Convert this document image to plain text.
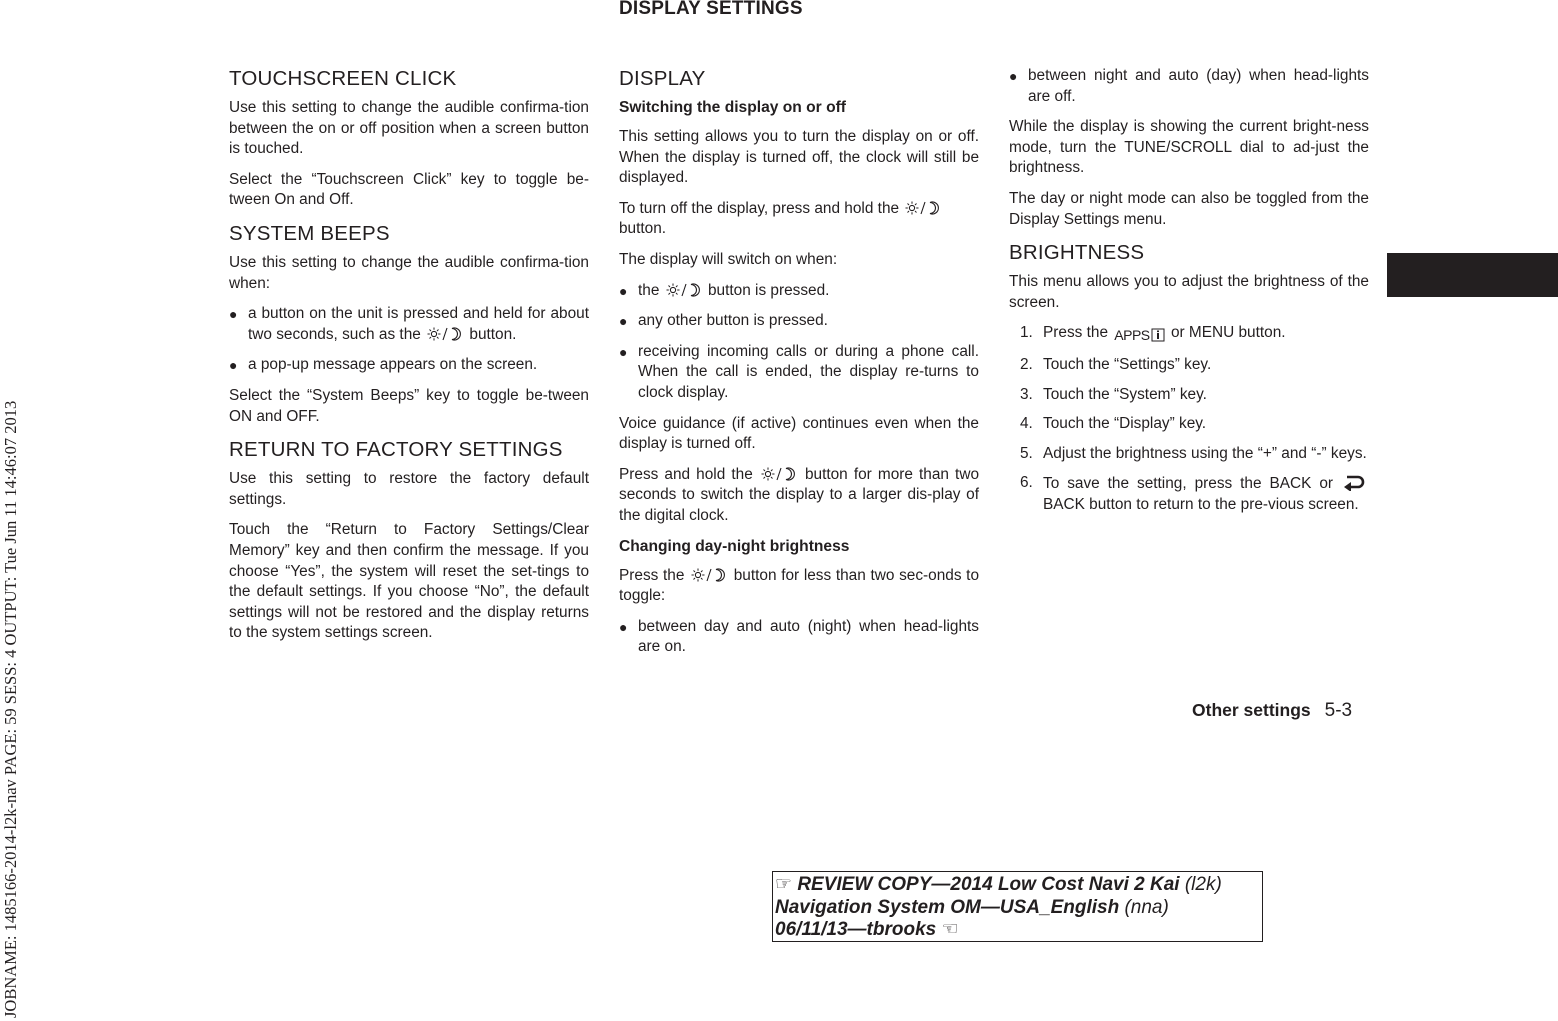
DISPLAY SETTINGS
JOBNAME: 1485166-2014-l2k-nav PAGE: 59 SESS: 4 OUTPUT: Tue Jun 11 14:46:07 2013
TOUCHSCREEN CLICK

Use this setting to change the audible confirma-tion between the on or off position when a screen button is touched.

Select the “Touchscreen Click” key to toggle be-tween On and Off.

SYSTEM BEEPS

Use this setting to change the audible confirma-tion when:

● a button on the unit is pressed and held for about two seconds, such as the	button.
● a pop-up message appears on the screen.

Select the “System Beeps” key to toggle be-tween ON and OFF.

RETURN TO FACTORY SETTINGS

Use this setting to restore the factory default settings.

Touch the “Return to Factory Settings/Clear Memory” key and then confirm the message. If you choose “Yes”, the system will reset the set-tings to the default settings. If you choose “No”, the default settings will not be restored and the display returns to the system settings screen.

DISPLAY
Switching the display on or off

This setting allows you to turn the display on or off. When the display is turned off, the clock will still be displayed.

To turn off the display, press and hold the
button.

The display will switch on when:

● the	button is pressed.
● any other button is pressed.
● receiving incoming calls or during a phone call. When the call is ended, the display re-turns to clock display.

Voice guidance (if active) continues even when the display is turned off.

Press and hold the	button for more than two seconds to switch the display to a larger dis-play of the digital clock.

Changing day-night brightness

Press the	button for less than two sec-onds to toggle:

● between day and auto (night) when head-lights are on.
● between night and auto (day) when head-lights are off.

While the display is showing the current bright-ness mode, turn the TUNE/SCROLL dial to ad-just the brightness.

The day or night mode can also be toggled from the Display Settings menu.

BRIGHTNESS

This menu allows you to adjust the brightness of the screen.

1. Press the APPS or MENU button.
2. Touch the “Settings” key.
3. Touch the “System” key.
4. Touch the “Display” key.
5. Adjust the brightness using the “+” and “-” keys.
6. To save the setting, press the BACK or  BACK button to return to the pre-vious screen.
Other settings 5-3
☞ REVIEW COPY—2014 Low Cost Navi 2 Kai (l2k)
Navigation System OM—USA_English (nna)
06/11/13—tbrooks ☜
